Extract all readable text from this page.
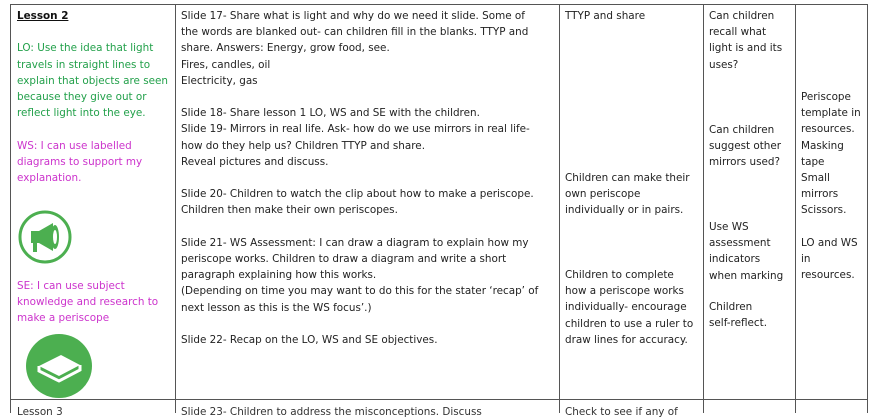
Lesson 2

LO: Use the idea that light travels in straight lines to explain that objects are seen because they give out or reflect light into the eye.

WS: I can use labelled diagrams to support my explanation.

SE: I can use subject knowledge and research to make a periscope

Slide 17- Share what is light and why do we need it slide. Some of

the words are blanked out- can children fill in the blanks. TTYP and

share. Answers: Energy, grow food, see.

Fires, candles, oil

Electricity, gas

Slide 18- Share lesson 1 LO, WS and SE with the children.

Slide 19- Mirrors in real life. Ask- how do we use mirrors in real life-

how do they help us? Children TTYP and share.

Reveal pictures and discuss.

Slide 20- Children to watch the clip about how to make a periscope.

Children then make their own periscopes.

Slide 21- WS Assessment: I can draw a diagram to explain how my

periscope works. Children to draw a diagram and write a short

paragraph explaining how this works.

(Depending on time you may want to do this for the stater ‘recap’ of

next lesson as this is the WS focus’.)

Slide 22- Recap on the LO, WS and SE objectives.

TTYP and share

Children can make their

own periscope

individually or in pairs.

Children to complete

how a periscope works

individually- encourage

children to use a ruler to

draw lines for accuracy.

Can children

recall what

light is and its

uses?

Can children

suggest other

mirrors used?

Use WS

assessment

indicators

when marking

Children

self-reflect.

Periscope

template in

resources.

Masking

tape

Small

mirrors

Scissors.

LO and WS

in

resources.

Lesson 3	Slide 23- Children to address the misconceptions. Discuss	Check to see if any of
